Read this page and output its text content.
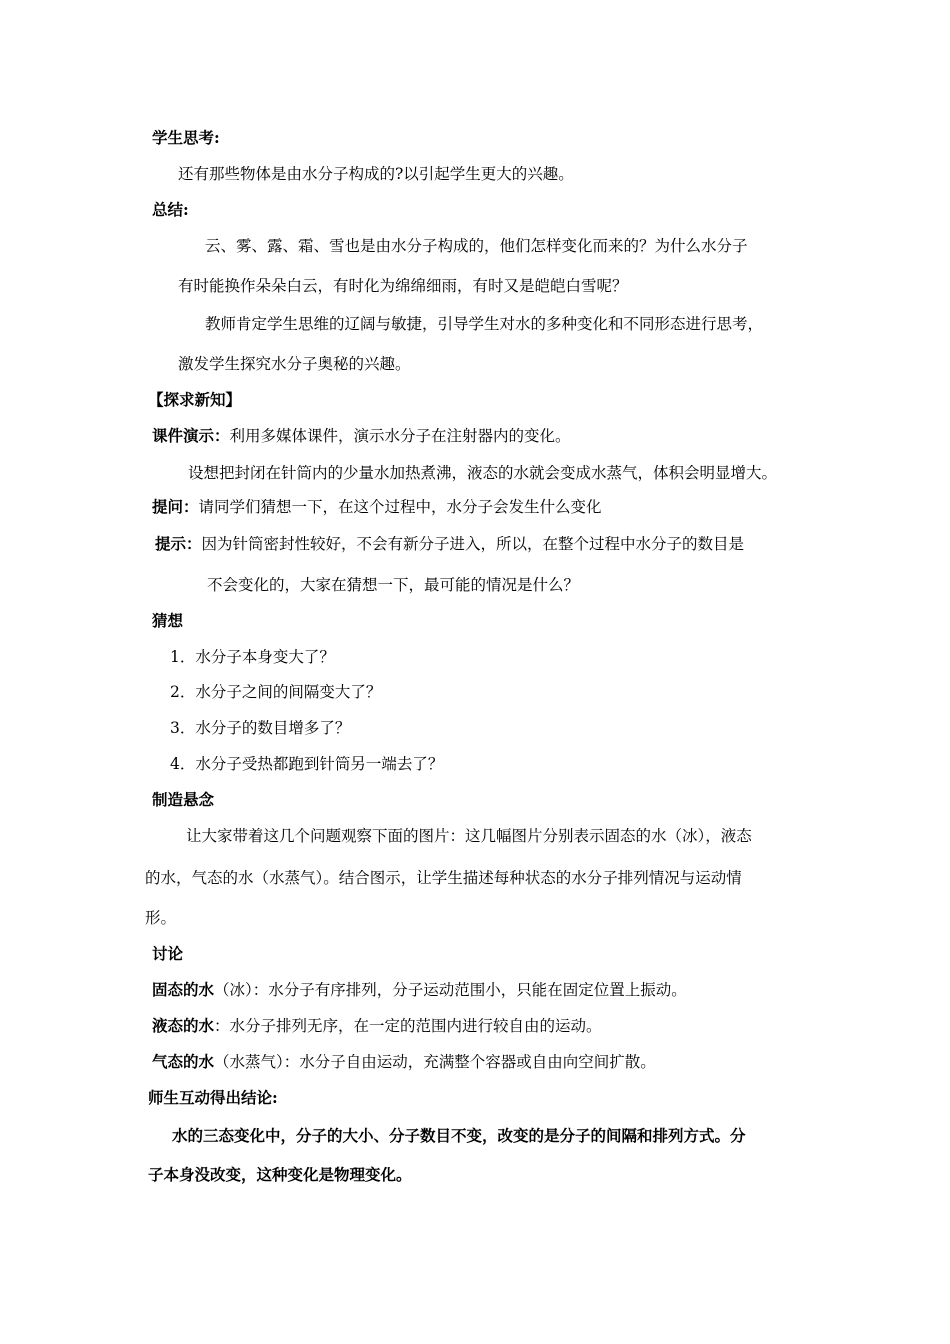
学生思考:
还有那些物体是由水分子构成的?以引起学生更大的兴趣。
总结:
云、雾、露、霜、雪也是由水分子构成的，他们怎样变化而来的？为什么水分子
有时能换作朵朵白云，有时化为绵绵细雨，有时又是皑皑白雪呢？
教师肯定学生思维的辽阔与敏捷，引导学生对水的多种变化和不同形态进行思考，
激发学生探究水分子奥秘的兴趣。
【探求新知】
课件演示：利用多媒体课件，演示水分子在注射器内的变化。
设想把封闭在针筒内的少量水加热煮沸，液态的水就会变成水蒸气，体积会明显增大。
提问：请同学们猜想一下，在这个过程中，水分子会发生什么变化
提示：因为针筒密封性较好，不会有新分子进入，所以，在整个过程中水分子的数目是
不会变化的，大家在猜想一下，最可能的情况是什么？
猜想
1．水分子本身变大了？
2．水分子之间的间隔变大了？
3．水分子的数目增多了？
4．水分子受热都跑到针筒另一端去了？
制造悬念
让大家带着这几个问题观察下面的图片：这几幅图片分别表示固态的水（冰），液态
的水，气态的水（水蒸气）。结合图示，让学生描述每种状态的水分子排列情况与运动情
形。
讨论
固态的水（冰）：水分子有序排列，分子运动范围小，只能在固定位置上振动。
液态的水：水分子排列无序，在一定的范围内进行较自由的运动。
气态的水（水蒸气）：水分子自由运动，充满整个容器或自由向空间扩散。
师生互动得出结论:
水的三态变化中，分子的大小、分子数目不变，改变的是分子的间隔和排列方式。分
子本身没改变，这种变化是物理变化。
